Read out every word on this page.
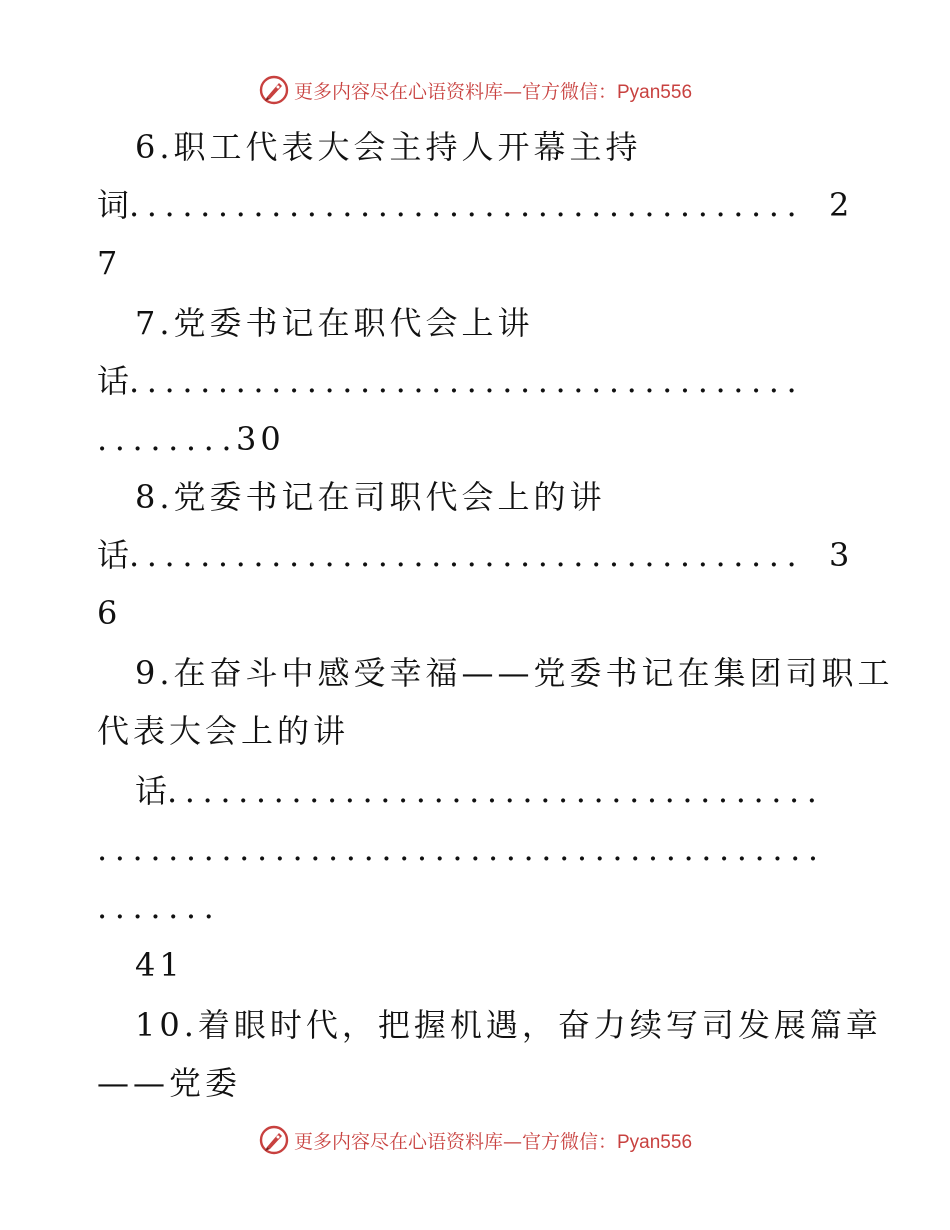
更多内容尽在心语资料库—官方微信：Pyan556
6.职工代表大会主持人开幕主持
词 ...................................... 2
7
7.党委书记在职代会上讲
话 ......................................
........
30
8.党委书记在司职代会上的讲
话 ...................................... 3
6
9.在奋斗中感受幸福——党委书记在集团司职工
代表大会上的讲
话 .....................................
.........................................
.......
41
10.着眼时代，把握机遇，奋力续写司发展篇章
——党委
更多内容尽在心语资料库—官方微信：Pyan556
